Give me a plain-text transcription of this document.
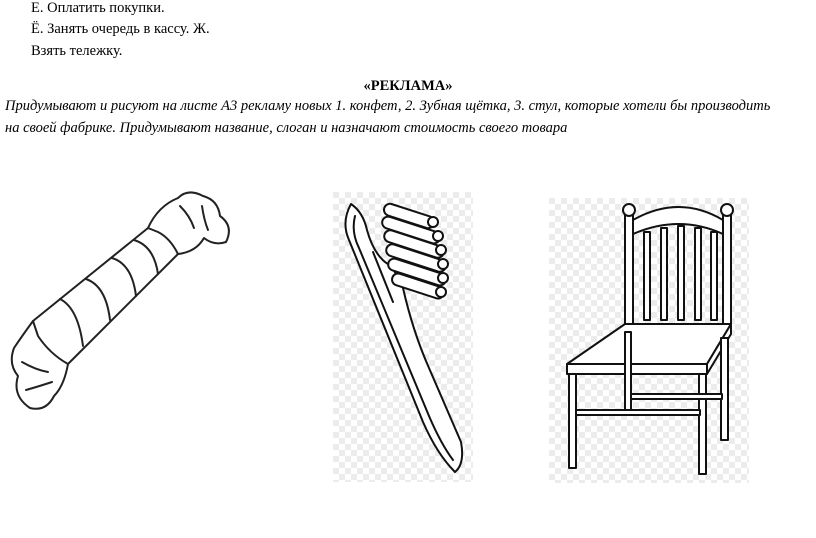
Е. Оплатить покупки.
Ё. Занять очередь в кассу. Ж.
Взять тележку.
«РЕКЛАМА»
Придумывают и рисуют на листе А3 рекламу новых 1. конфет, 2. Зубная щётка, 3. стул, которые хотели бы производить
на своей фабрике. Придумывают название, слоган и назначают стоимость своего товара
